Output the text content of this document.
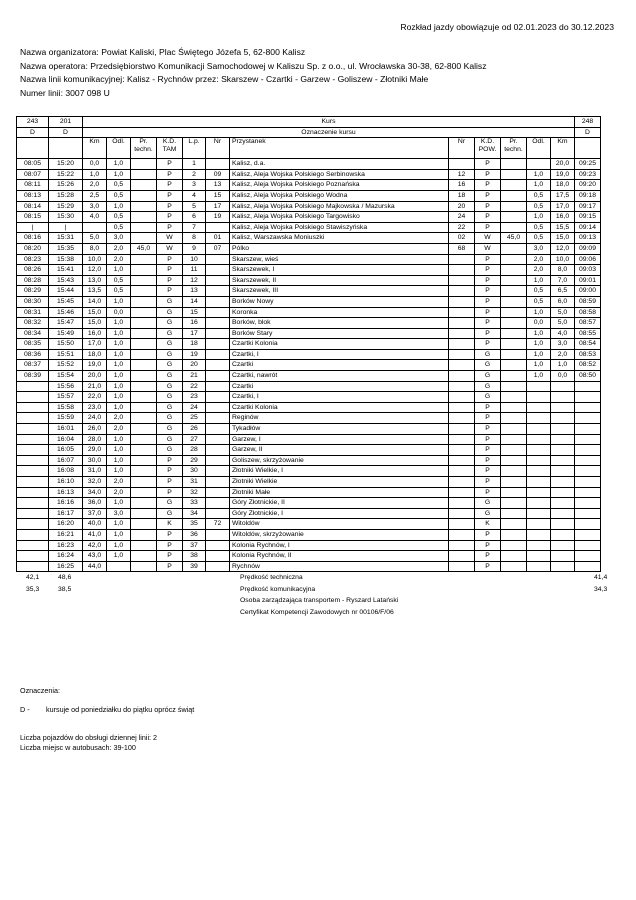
Rozkład jazdy obowiązuje od 02.01.2023 do 30.12.2023
Nazwa organizatora: Powiat Kaliski, Plac Świętego Józefa 5, 62-800 Kalisz
Nazwa operatora: Przedsiębiorstwo Komunikacji Samochodowej w Kaliszu Sp. z o.o., ul. Wrocławska 30-38, 62-800 Kalisz
Nazwa linii komunikacyjnej: Kalisz - Rychnów przez: Skarszew - Czartki - Garzew - Goliszew - Złotniki Małe
Numer linii: 3007 098 U
243	201	Kurs												248
D	D	Oznaczenie kursu												D
		Km	Odl.	Pr. techn.	K.D. TAM	L.p.	Nr	Przystanek	Nr	K.D. POW.	Pr. techn.	Odl.	Km	
08:05	15:20	0,0	1,0		P	1		Kalisz, d.a.		P			20,0	09:25
08:07	15:22	1,0	1,0		P	2	09	Kalisz, Aleja Wojska Polskiego Serbinowska	12	P		1,0	19,0	09:23
08:11	15:26	2,0	0,5		P	3	13	Kalisz, Aleja Wojska Polskiego Poznańska	16	P		1,0	18,0	09:20
08:13	15:28	2,5	0,5		P	4	15	Kalisz, Aleja Wojska Polskiego Wodna	18	P		0,5	17,5	09:18
08:14	15:29	3,0	1,0		P	5	17	Kalisz, Aleja Wojska Polskiego Majkowska / Mazurska	20	P		0,5	17,0	09:17
08:15	15:30	4,0	0,5		P	6	19	Kalisz, Aleja Wojska Polskiego Targowisko	24	P		1,0	16,0	09:15
|	|		0,5		P	7		Kalisz, Aleja Wojska Polskiego Stawiszyńska	22	P		0,5	15,5	09:14
08:16	15:31	5,0	3,0		W	8	01	Kalisz, Warszawska Moniuszki	02	W	45,0	0,5	15,0	09:13
08:20	15:35	8,0	2,0	45,0	W	9	07	Pólko	68	W		3,0	12,0	09:09
08:23	15:38	10,0	2,0		P	10		Skarszew, wieś		P		2,0	10,0	09:06
08:26	15:41	12,0	1,0		P	11		Skarszewek, I		P		2,0	8,0	09:03
08:28	15:43	13,0	0,5		P	12		Skarszewek, II		P		1,0	7,0	09:01
08:29	15:44	13,5	0,5		P	13		Skarszewek, III		P		0,5	6,5	09:00
08:30	15:45	14,0	1,0		G	14		Borków Nowy		P		0,5	6,0	08:59
08:31	15:46	15,0	0,0		G	15		Koronka		P		1,0	5,0	08:58
08:32	15:47	15,0	1,0		G	16		Borków, blok		P		0,0	5,0	08:57
08:34	15:49	16,0	1,0		G	17		Borków Stary		P		1,0	4,0	08:55
08:35	15:50	17,0	1,0		G	18		Czartki Kolonia		P		1,0	3,0	08:54
08:36	15:51	18,0	1,0		G	19		Czartki, I		G		1,0	2,0	08:53
08:37	15:52	19,0	1,0		G	20		Czartki		G		1,0	1,0	08:52
08:39	15:54	20,0	1,0		G	21		Czartki, nawrót		G		1,0	0,0	08:50
	15:56	21,0	1,0		G	22		Czartki		G				
	15:57	22,0	1,0		G	23		Czartki, I		G				
	15:58	23,0	1,0		G	24		Czartki Kolonia		P				
	15:59	24,0	2,0		G	25		Reginów		P				
	16:01	26,0	2,0		G	26		Tykadłów		P				
	16:04	28,0	1,0		G	27		Garzew, I		P				
	16:05	29,0	1,0		G	28		Garzew, II		P				
	16:07	30,0	1,0		P	29		Goliszew, skrzyżowanie		P				
	16:08	31,0	1,0		P	30		Złotniki Wielkie, I		P				
	16:10	32,0	2,0		P	31		Złotniki Wielkie		P				
	16:13	34,0	2,0		P	32		Złotniki Małe		P				
	16:16	36,0	1,0		G	33		Góry Złotnickie, II		G				
	16:17	37,0	3,0		G	34		Góry Złotnickie, I		G				
	16:20	40,0	1,0		K	35	72	Witoldów		K				
	16:21	41,0	1,0		P	36		Witoldów, skrzyżowanie		P				
	16:23	42,0	1,0		P	37		Kolonia Rychnów, I		P				
	16:24	43,0	1,0		P	38		Kolonia Rychnów, II		P				
	16:25	44,0			P	39		Rychnów		P				
42,1	48,6	Prędkość techniczna	41,4
35,3	38,5	Prędkość komunikacyjna	34,3
Osoba zarządzająca transportem - Ryszard Latański
Certyfikat Kompetencji Zawodowych nr 00106/F/06
Oznaczenia:
D - kursuje od poniedziałku do piątku oprócz świąt
Liczba pojazdów do obsługi dziennej linii: 2
Liczba miejsc w autobusach: 39-100
